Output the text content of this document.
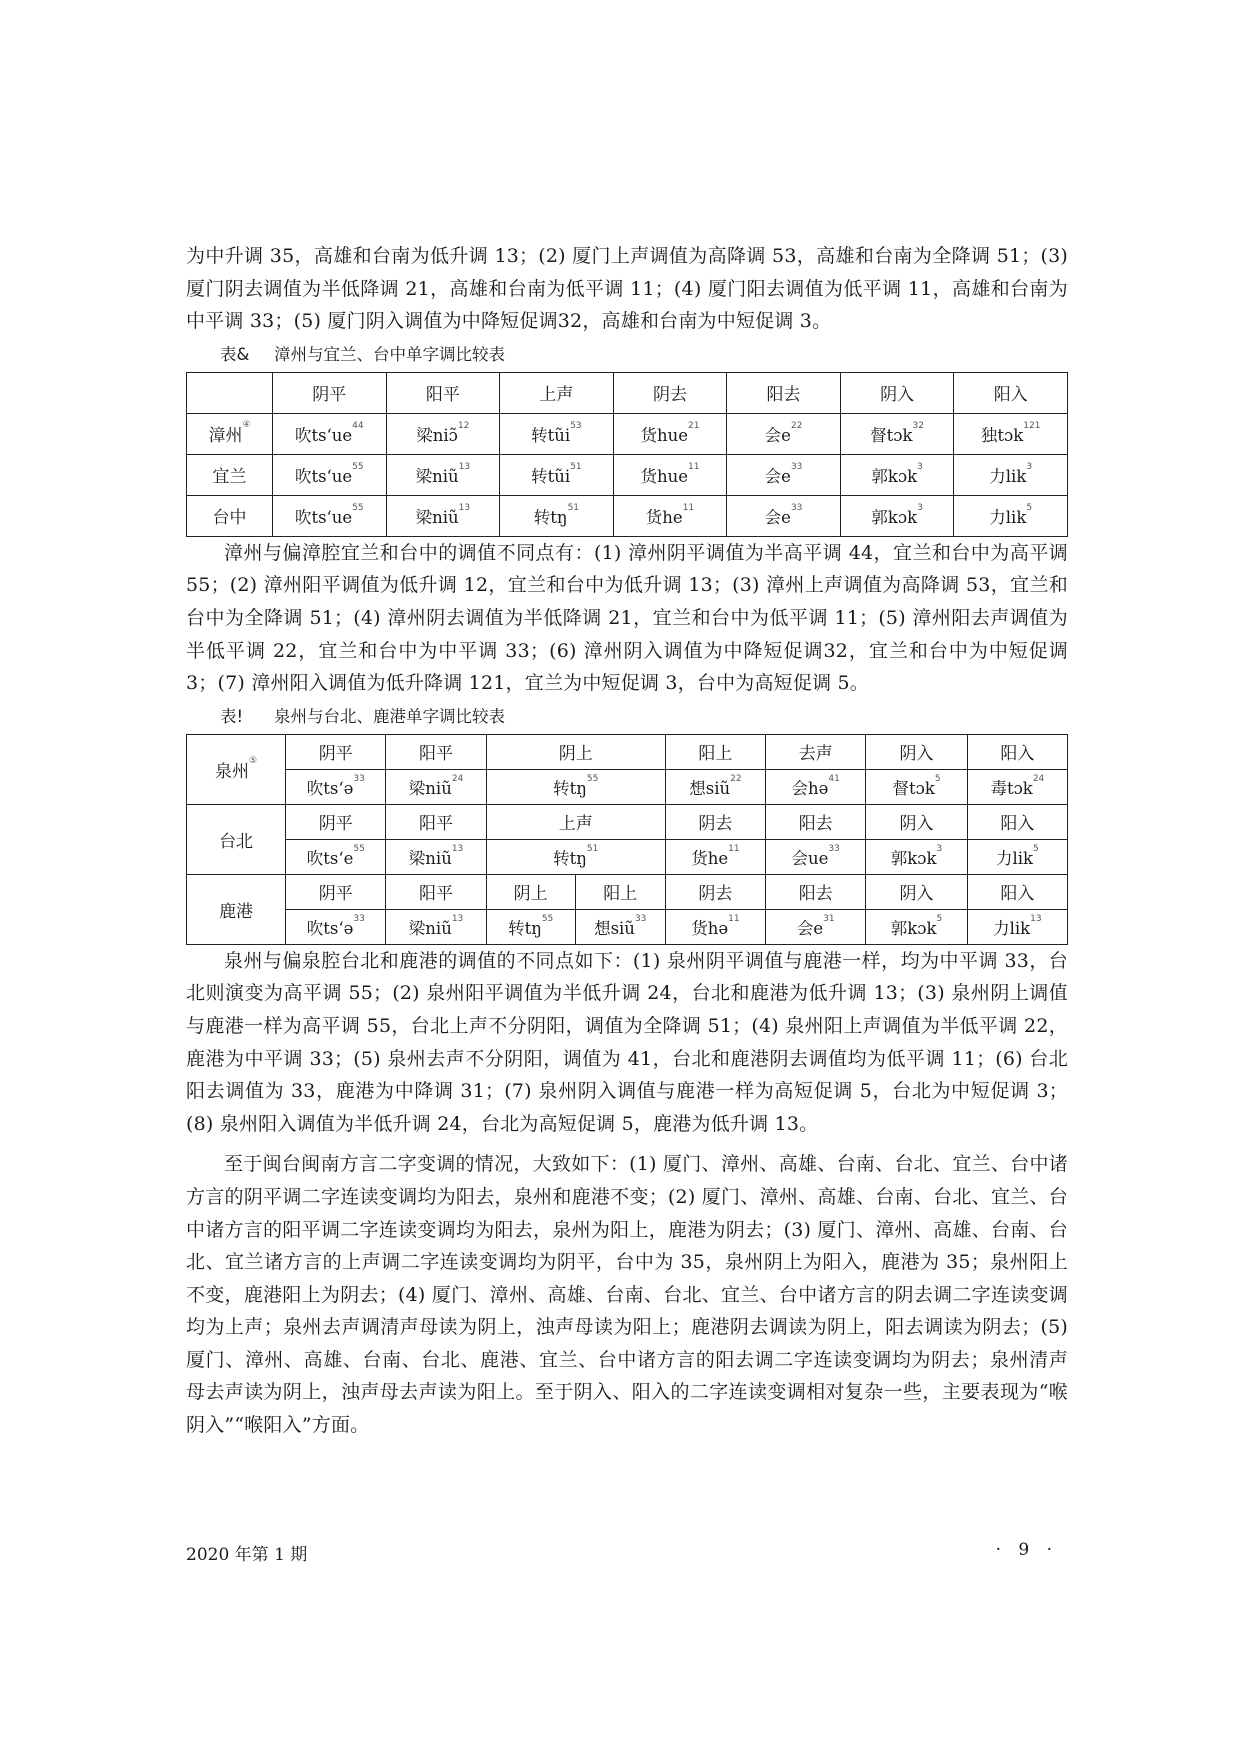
为中升调 35，高雄和台南为低升调 13；(2) 厦门上声调值为高降调 53，高雄和台南为全降调 51；(3) 厦门阴去调值为半低降调 21，高雄和台南为低平调 11；(4) 厦门阳去调值为低平调 11，高雄和台南为中平调 33；(5) 厦门阴入调值为中降短促调32，高雄和台南为中短促调 3。

表& 漳州与宜兰、台中单字调比较表
	阴平	阳平	上声	阴去	阳去	阴入	阳入
漳州④	吹tsʻue$^{44}$	梁niɔ̃$^{12}$	转tũi$^{53}$	货hue$^{21}$	会$e^{22}$	督tɔk$^{32}$	独tɔk$^{121}$
宜兰	吹tsʻue$^{55}$	梁niũ$^{13}$	转tũi$^{51}$	货hue$^{11}$	会$e^{33}$	郭kɔk$^3$	力lik$^3$
台中	吹tsʻue$^{55}$	梁niũ$^{13}$	转$tŋ^{51}$	货$he^{11}$	会$e^{33}$	郭kɔk$^3$	力lik$^5$

漳州与偏漳腔宜兰和台中的调值不同点有：(1) 漳州阴平调值为半高平调 44，宜兰和台中为高平调 55；(2) 漳州阳平调值为低升调 12，宜兰和台中为低升调 13；(3) 漳州上声调值为高降调 53，宜兰和台中为全降调 51；(4) 漳州阴去调值为半低降调 21，宜兰和台中为低平调 11；(5) 漳州阳去声调值为半低平调 22，宜兰和台中为中平调 33；(6) 漳州阴入调值为中降短促调32，宜兰和台中为中短促调 3；(7) 漳州阳入调值为低升降调 121，宜兰为中短促调 3，台中为高短促调 5。

表! 泉州与台北、鹿港单字调比较表
泉州⑤	阴平	阳平	阴上		阳上	去声	阴入	阳入
	吹tsʻə$^{33}$	梁niũ$^{24}$	转$tŋ^{55}$		想siũ$^{22}$	会hə$^{41}$	督tɔk$^5$	毒tɔk$^{24}$
台北	阴平	阳平	上声		阴去	阳去	阴入	阳入
	吹tsʻe$^{55}$	梁niũ$^{13}$	转$tŋ^{51}$		货$he^{11}$	会$ue^{33}$	郭kɔk$^3$	力lik$^5$
鹿港	阴平	阳平	阴上	阳上	阴去	阳去	阴入	阳入
	吹tsʻə$^{33}$	梁niũ$^{13}$	转$tŋ^{55}$	想siũ$^{33}$	货hə$^{11}$	会$e^{31}$	郭kɔk$^5$	力lik$^{13}$

泉州与偏泉腔台北和鹿港的调值的不同点如下：(1) 泉州阴平调值与鹿港一样，均为中平调 33，台北则演变为高平调 55；(2) 泉州阳平调值为半低升调 24，台北和鹿港为低升调 13；(3) 泉州阴上调值与鹿港一样为高平调 55，台北上声不分阴阳，调值为全降调 51；(4) 泉州阳上声调值为半低平调 22，鹿港为中平调 33；(5) 泉州去声不分阴阳，调值为 41，台北和鹿港阴去调值均为低平调 11；(6) 台北阳去调值为 33，鹿港为中降调 31；(7) 泉州阴入调值与鹿港一样为高短促调 5，台北为中短促调 3；(8) 泉州阳入调值为半低升调 24，台北为高短促调 5，鹿港为低升调 13。

至于闽台闽南方言二字变调的情况，大致如下：(1) 厦门、漳州、高雄、台南、台北、宜兰、台中诸方言的阴平调二字连读变调均为阳去，泉州和鹿港不变；(2) 厦门、漳州、高雄、台南、台北、宜兰、台中诸方言的阳平调二字连读变调均为阳去，泉州为阳上，鹿港为阴去；(3) 厦门、漳州、高雄、台南、台北、宜兰诸方言的上声调二字连读变调均为阴平，台中为 35，泉州阴上为阳入，鹿港为 35；泉州阳上不变，鹿港阳上为阴去；(4) 厦门、漳州、高雄、台南、台北、宜兰、台中诸方言的阴去调二字连读变调均为上声；泉州去声调清声母读为阴上，浊声母读为阳上；鹿港阴去调读为阴上，阳去调读为阴去；(5) 厦门、漳州、高雄、台南、台北、鹿港、宜兰、台中诸方言的阳去调二字连读变调均为阴去；泉州清声母去声读为阴上，浊声母去声读为阳上。至于阴入、阳入的二字连读变调相对复杂一些，主要表现为“喉阴入”“喉阳入”方面。

2020 年第 1 期	· 9 ·
